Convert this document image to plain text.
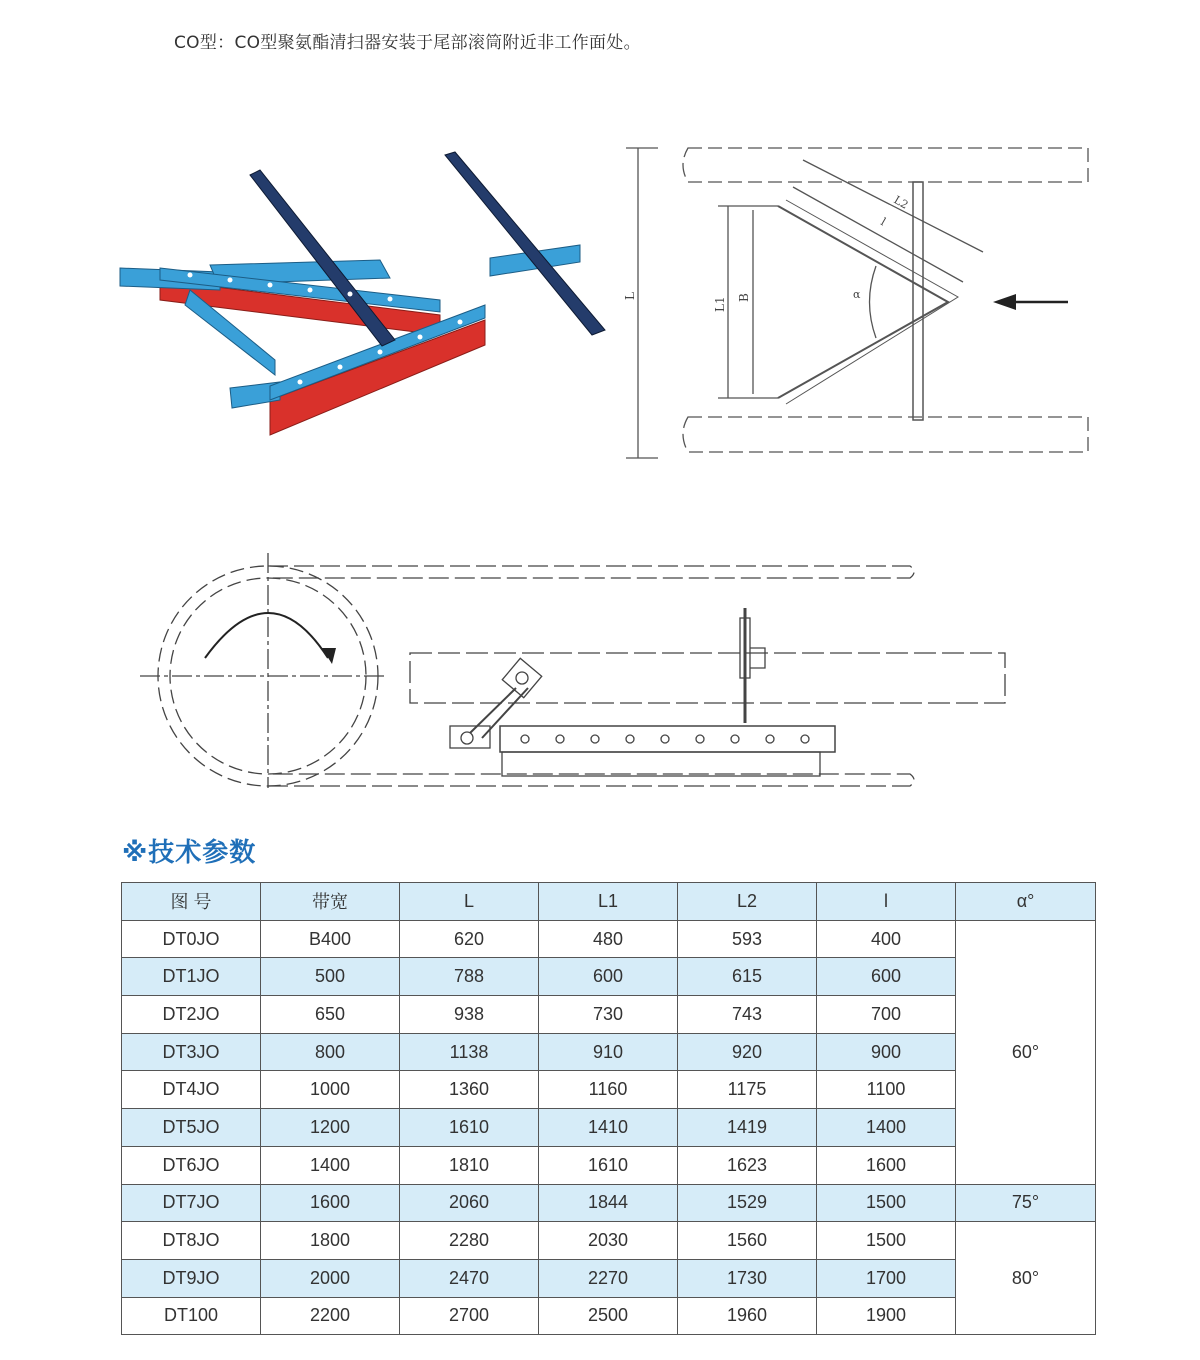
CO型：CO型聚氨酯清扫器安装于尾部滚筒附近非工作面处。
L
L1 B
L2
l
α
※技术参数
图 号	带宽	L	L1	L2	l	α°
DT0JO	B400	620	480	593	400	60°
DT1JO	500	788	600	615	600	
DT2JO	650	938	730	743	700	
DT3JO	800	1138	910	920	900	
DT4JO	1000	1360	1160	1175	1100	
DT5JO	1200	1610	1410	1419	1400	
DT6JO	1400	1810	1610	1623	1600	
DT7JO	1600	2060	1844	1529	1500	75°
DT8JO	1800	2280	2030	1560	1500	80°
DT9JO	2000	2470	2270	1730	1700	
DT100	2200	2700	2500	1960	1900	
